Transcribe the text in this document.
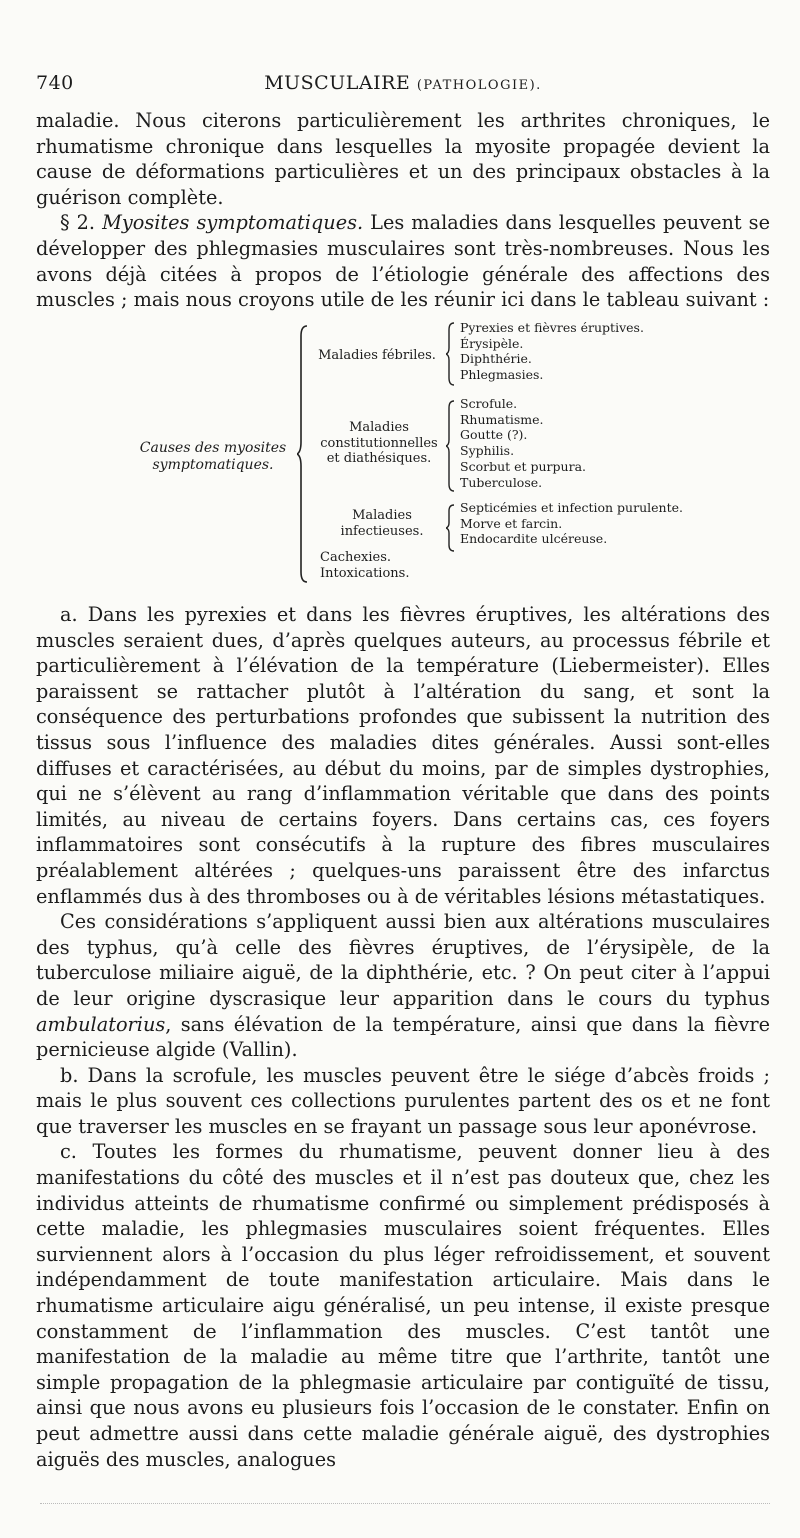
740	MUSCULAIRE (PATHOLOGIE).

maladie. Nous citerons particulièrement les arthrites chroniques, le rhumatisme chronique dans lesquelles la myosite propagée devient la cause de déformations particulières et un des principaux obstacles à la guérison complète.

§ 2. Myosites symptomatiques. Les maladies dans lesquelles peuvent se développer des phlegmasies musculaires sont très-nombreuses. Nous les avons déjà citées à propos de l’étiologie générale des affections des muscles ; mais nous croyons utile de les réunir ici dans le tableau suivant :

Causes des myosites symptomatiques.
Maladies fébriles.
Pyrexies et fièvres éruptives.
Érysipèle.
Diphthérie.
Phlegmasies.
Maladies constitutionnelles et diathésiques.
Scrofule.
Rhumatisme.
Goutte (?).
Syphilis.
Scorbut et purpura.
Tuberculose.
Maladies infectieuses.
Septicémies et infection purulente.
Morve et farcin.
Endocardite ulcéreuse.
Cachexies.
Intoxications.

a. Dans les pyrexies et dans les fièvres éruptives, les altérations des muscles seraient dues, d’après quelques auteurs, au processus fébrile et particulièrement à l’élévation de la température (Liebermeister). Elles paraissent se rattacher plutôt à l’altération du sang, et sont la conséquence des perturbations profondes que subissent la nutrition des tissus sous l’influence des maladies dites générales. Aussi sont-elles diffuses et caractérisées, au début du moins, par de simples dystrophies, qui ne s’élèvent au rang d’inflammation véritable que dans des points limités, au niveau de certains foyers. Dans certains cas, ces foyers inflammatoires sont consécutifs à la rupture des fibres musculaires préalablement altérées ; quelques-uns paraissent être des infarctus enflammés dus à des thromboses ou à de véritables lésions métastatiques.

Ces considérations s’appliquent aussi bien aux altérations musculaires des typhus, qu’à celle des fièvres éruptives, de l’érysipèle, de la tuberculose miliaire aiguë, de la diphthérie, etc. ? On peut citer à l’appui de leur origine dyscrasique leur apparition dans le cours du typhus ambulatorius, sans élévation de la température, ainsi que dans la fièvre pernicieuse algide (Vallin).

b. Dans la scrofule, les muscles peuvent être le siége d’abcès froids ; mais le plus souvent ces collections purulentes partent des os et ne font que traverser les muscles en se frayant un passage sous leur aponévrose.

c. Toutes les formes du rhumatisme, peuvent donner lieu à des manifestations du côté des muscles et il n’est pas douteux que, chez les individus atteints de rhumatisme confirmé ou simplement prédisposés à cette maladie, les phlegmasies musculaires soient fréquentes. Elles surviennent alors à l’occasion du plus léger refroidissement, et souvent indépendamment de toute manifestation articulaire. Mais dans le rhumatisme articulaire aigu généralisé, un peu intense, il existe presque constamment de l’inflammation des muscles. C’est tantôt une manifestation de la maladie au même titre que l’arthrite, tantôt une simple propagation de la phlegmasie articulaire par contiguïté de tissu, ainsi que nous avons eu plusieurs fois l’occasion de le constater. Enfin on peut admettre aussi dans cette maladie générale aiguë, des dystrophies aiguës des muscles, analogues
